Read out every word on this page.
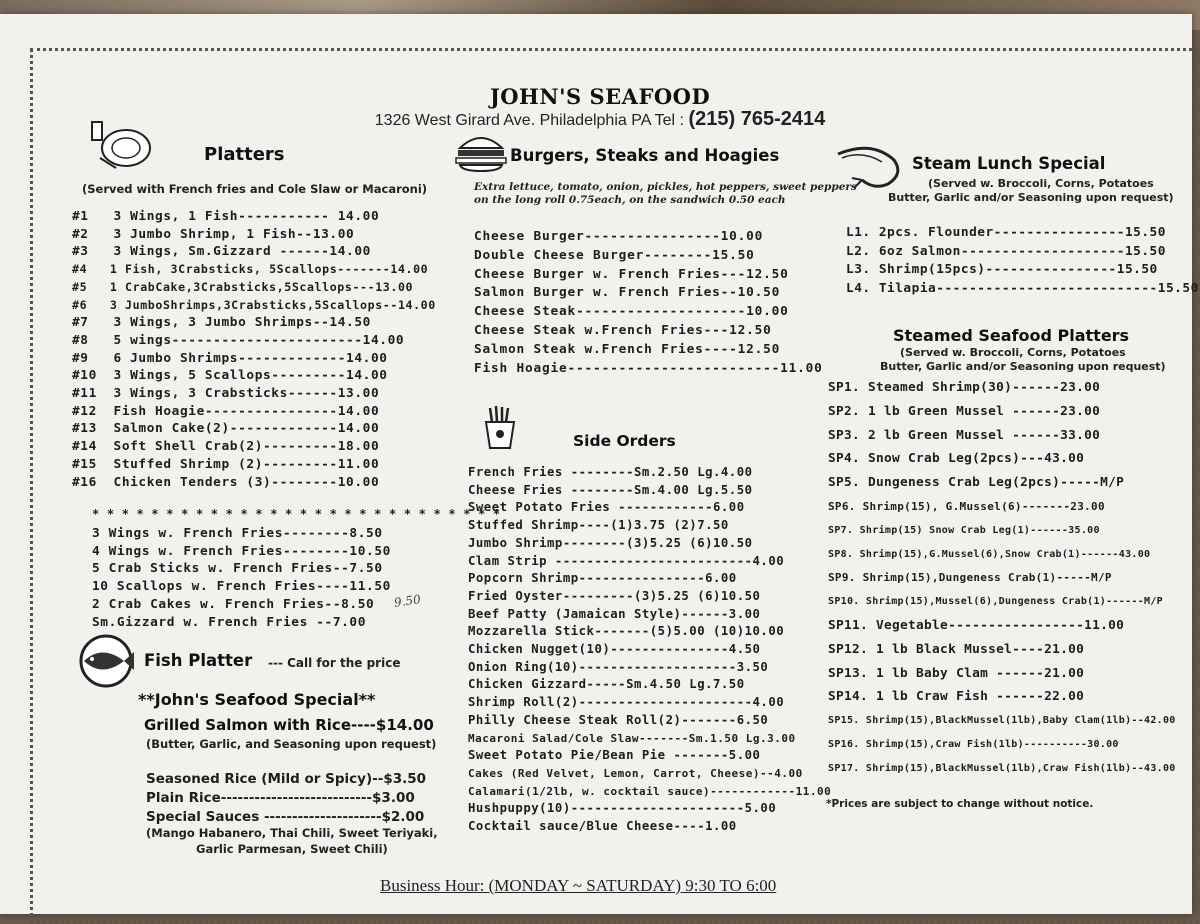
JOHN'S SEAFOOD
1326 West Girard Ave. Philadelphia PA Tel : (215) 765-2414
Platters
(Served with French fries and Cole Slaw or Macaroni)
#1   3 Wings, 1 Fish----------- 14.00
#2   3 Jumbo Shrimp, 1 Fish--13.00
#3   3 Wings, Sm.Gizzard ------14.00
#4   1 Fish, 3Crabsticks, 5Scallops-------14.00
#5   1 CrabCake,3Crabsticks,5Scallops---13.00
#6   3 JumboShrimps,3Crabsticks,5Scallops--14.00
#7   3 Wings, 3 Jumbo Shrimps--14.50
#8   5 wings-----------------------14.00
#9   6 Jumbo Shrimps-------------14.00
#10  3 Wings, 5 Scallops---------14.00
#11  3 Wings, 3 Crabsticks------13.00
#12  Fish Hoagie----------------14.00
#13  Salmon Cake(2)-------------14.00
#14  Soft Shell Crab(2)---------18.00
#15  Stuffed Shrimp (2)---------11.00
#16  Chicken Tenders (3)--------10.00
* * * * * * * * * * * * * * * * * * * * * * * * * * * *
3 Wings w. French Fries--------8.50
4 Wings w. French Fries--------10.50
5 Crab Sticks w. French Fries--7.50
10 Scallops w. French Fries----11.50
2 Crab Cakes w. French Fries--8.50
Sm.Gizzard w. French Fries --7.00
9.50
Fish Platter --- Call for the price
**John's Seafood Special**
Grilled Salmon with Rice----$14.00
(Butter, Garlic, and Seasoning upon request)
Seasoned Rice (Mild or Spicy)--$3.50
Plain Rice---------------------------$3.00
Special Sauces ---------------------$2.00
(Mango Habanero, Thai Chili, Sweet Teriyaki,
Garlic Parmesan, Sweet Chili)
Burgers, Steaks and Hoagies
Extra lettuce, tomato, onion, pickles, hot peppers, sweet peppers
on the long roll 0.75each, on the sandwich 0.50 each
Cheese Burger----------------10.00
Double Cheese Burger--------15.50
Cheese Burger w. French Fries---12.50
Salmon Burger w. French Fries--10.50
Cheese Steak--------------------10.00
Cheese Steak w.French Fries---12.50
Salmon Steak w.French Fries----12.50
Fish Hoagie-------------------------11.00
Side Orders
French Fries --------Sm.2.50 Lg.4.00
Cheese Fries --------Sm.4.00 Lg.5.50
Sweet Potato Fries ------------6.00
Stuffed Shrimp----(1)3.75 (2)7.50
Jumbo Shrimp--------(3)5.25 (6)10.50
Clam Strip -------------------------4.00
Popcorn Shrimp----------------6.00
Fried Oyster---------(3)5.25 (6)10.50
Beef Patty (Jamaican Style)------3.00
Mozzarella Stick-------(5)5.00 (10)10.00
Chicken Nugget(10)---------------4.50
Onion Ring(10)--------------------3.50
Chicken Gizzard-----Sm.4.50 Lg.7.50
Shrimp Roll(2)----------------------4.00
Philly Cheese Steak Roll(2)-------6.50
Macaroni Salad/Cole Slaw-------Sm.1.50 Lg.3.00
Sweet Potato Pie/Bean Pie -------5.00
Cakes (Red Velvet, Lemon, Carrot, Cheese)--4.00
Calamari(1/2lb, w. cocktail sauce)------------11.00
Hushpuppy(10)----------------------5.00
Cocktail sauce/Blue Cheese----1.00
Steam Lunch Special
(Served w. Broccoli, Corns, Potatoes
Butter, Garlic and/or Seasoning upon request)
L1. 2pcs. Flounder----------------15.50
L2. 6oz Salmon--------------------15.50
L3. Shrimp(15pcs)----------------15.50
L4. Tilapia---------------------------15.50
Steamed Seafood Platters
(Served w. Broccoli, Corns, Potatoes
Butter, Garlic and/or Seasoning upon request)
SP1. Steamed Shrimp(30)------23.00
SP2. 1 lb Green Mussel ------23.00
SP3. 2 lb Green Mussel ------33.00
SP4. Snow Crab Leg(2pcs)---43.00
SP5. Dungeness Crab Leg(2pcs)-----M/P
SP6. Shrimp(15), G.Mussel(6)-------23.00
SP7. Shrimp(15) Snow Crab Leg(1)------35.00
SP8. Shrimp(15),G.Mussel(6),Snow Crab(1)------43.00
SP9. Shrimp(15),Dungeness Crab(1)-----M/P
SP10. Shrimp(15),Mussel(6),Dungeness Crab(1)------M/P
SP11. Vegetable-----------------11.00
SP12. 1 lb Black Mussel----21.00
SP13. 1 lb Baby Clam ------21.00
SP14. 1 lb Craw Fish ------22.00
SP15. Shrimp(15),BlackMussel(1lb),Baby Clam(1lb)--42.00
SP16. Shrimp(15),Craw Fish(1lb)----------30.00
SP17. Shrimp(15),BlackMussel(1lb),Craw Fish(1lb)--43.00
*Prices are subject to change without notice.
Business Hour: (MONDAY ~ SATURDAY) 9:30 TO 6:00
